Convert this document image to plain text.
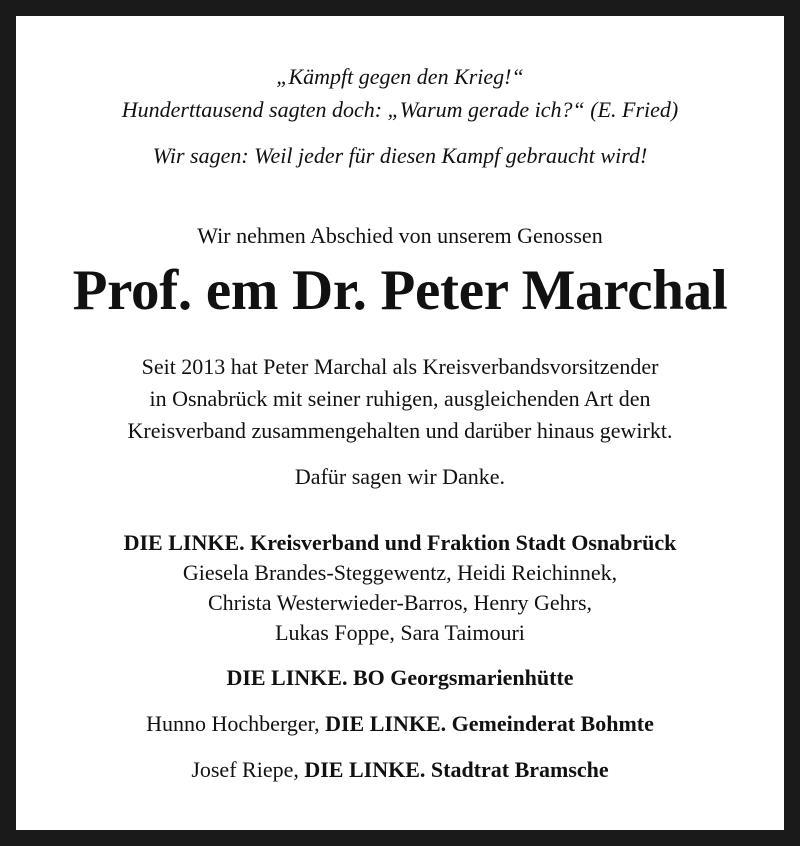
„Kämpft gegen den Krieg!“

Hunderttausend sagten doch: „Warum gerade ich?“ (E. Fried)

Wir sagen: Weil jeder für diesen Kampf gebraucht wird!

Wir nehmen Abschied von unserem Genossen

Prof. em Dr. Peter Marchal

Seit 2013 hat Peter Marchal als Kreisverbandsvorsitzender

in Osnabrück mit seiner ruhigen, ausgleichenden Art den

Kreisverband zusammengehalten und darüber hinaus gewirkt.

Dafür sagen wir Danke.

DIE LINKE. Kreisverband und Fraktion Stadt Osnabrück

Giesela Brandes-Steggewentz, Heidi Reichinnek,

Christa Westerwieder-Barros, Henry Gehrs,

Lukas Foppe, Sara Taimouri

DIE LINKE. BO Georgsmarienhütte

Hunno Hochberger, DIE LINKE. Gemeinderat Bohmte

Josef Riepe, DIE LINKE. Stadtrat Bramsche
